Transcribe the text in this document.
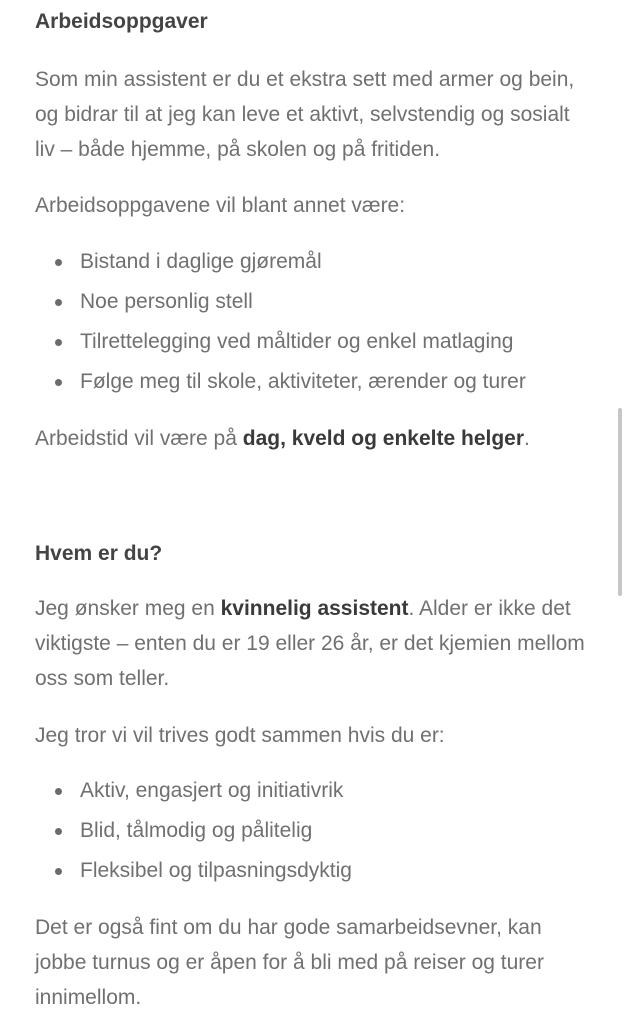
Arbeidsoppgaver

Som min assistent er du et ekstra sett med armer og bein, og bidrar til at jeg kan leve et aktivt, selvstendig og sosialt liv – både hjemme, på skolen og på fritiden.

Arbeidsoppgavene vil blant annet være:

Bistand i daglige gjøremål
Noe personlig stell
Tilrettelegging ved måltider og enkel matlaging
Følge meg til skole, aktiviteter, ærender og turer

Arbeidstid vil være på dag, kveld og enkelte helger.

Hvem er du?

Jeg ønsker meg en kvinnelig assistent. Alder er ikke det viktigste – enten du er 19 eller 26 år, er det kjemien mellom oss som teller.

Jeg tror vi vil trives godt sammen hvis du er:

Aktiv, engasjert og initiativrik
Blid, tålmodig og pålitelig
Fleksibel og tilpasningsdyktig

Det er også fint om du har gode samarbeidsevner, kan jobbe turnus og er åpen for å bli med på reiser og turer innimellom.
